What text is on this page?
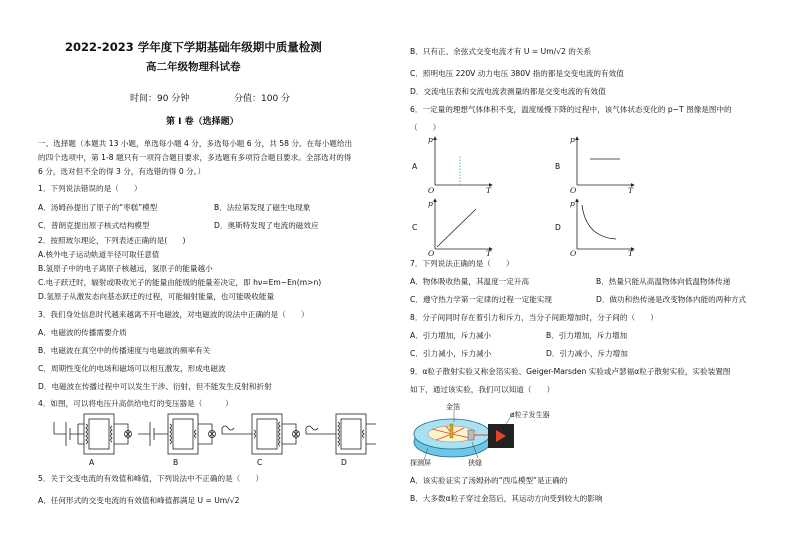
2022-2023 学年度下学期基础年级期中质量检测
高二年级物理科试卷
时间：90 分钟	分值：100 分
第 I 卷（选择题）
一、选择题（本题共 13 小题，单选每小题 4 分，多选每小题 6 分，共 58 分。在每小题给出
的四个选项中，第 1-8 题只有一项符合题目要求，多选题有多项符合题目要求。全部选对的得
6 分，选对但不全的得 3 分，有选错的得 0 分。）
1．下列说法错误的是（　　）
A．汤姆孙提出了原子的“枣糕”模型	B．法拉第发现了磁生电现象
C．普朗克提出原子核式结构模型	D．奥斯特发现了电流的磁效应
2．按照玻尔理论，下列表述正确的是(　　)
A.核外电子运动轨道半径可取任意值
B.氢原子中的电子离原子核越远，氢原子的能量越小
C.电子跃迁时，辐射或吸收光子的能量由能级的能量差决定，即 hν=Em−En(m>n)
D.氢原子从激发态向基态跃迁的过程，可能辐射能量，也可能吸收能量
3．我们身处信息时代越来越离不开电磁波，对电磁波的说法中正确的是（　　）
A．电磁波的传播需要介质
B．电磁波在真空中的传播速度与电磁波的频率有关
C．周期性变化的电场和磁场可以相互激发，形成电磁波
D．电磁波在传播过程中可以发生干涉、衍射，但不能发生反射和折射
4．如图，可以将电压升高供给电灯的变压器是（　　　）
A	B	C	D
5．关于交变电流的有效值和峰值，下列说法中不正确的是（　　）
A．任何形式的交变电流的有效值和峰值都满足 U = Um/√2
B．只有正、余弦式交变电流才有 U = Um/√2 的关系
C．照明电压 220V 动力电压 380V 指的都是交变电流的有效值
D．交流电压表和交流电流表测量的都是交变电流的有效值
6．一定量的理想气体体积不变，温度缓慢下降的过程中，该气体状态变化的 p−T 图像是图中的
（　　）
p
O	T
A
p
O	T
B
p
O	T
C
p
O	T
D
7．下列说法正确的是（　　）
A．物体吸收热量，其温度一定升高	B．热量只能从高温物体向低温物体传递
C．遵守热力学第一定律的过程一定能实现	D．做功和热传递是改变物体内能的两种方式
8．分子间同时存在着引力和斥力，当分子间距增加时，分子间的（　　）
A．引力增加，斥力减小	B．引力增加，斥力增加
C．引力减小，斥力减小	D．引力减小，斥力增加
9．α粒子散射实验又称金箔实验、Geiger-Marsden 实验或卢瑟福α粒子散射实验，实验装置图
如下，通过该实验，我们可以知道（　　）
金箔
α粒子发生器
探测屏	狭缝
A．该实验证实了汤姆孙的“西瓜模型”是正确的
B．大多数α粒子穿过金箔后，其运动方向受到较大的影响
